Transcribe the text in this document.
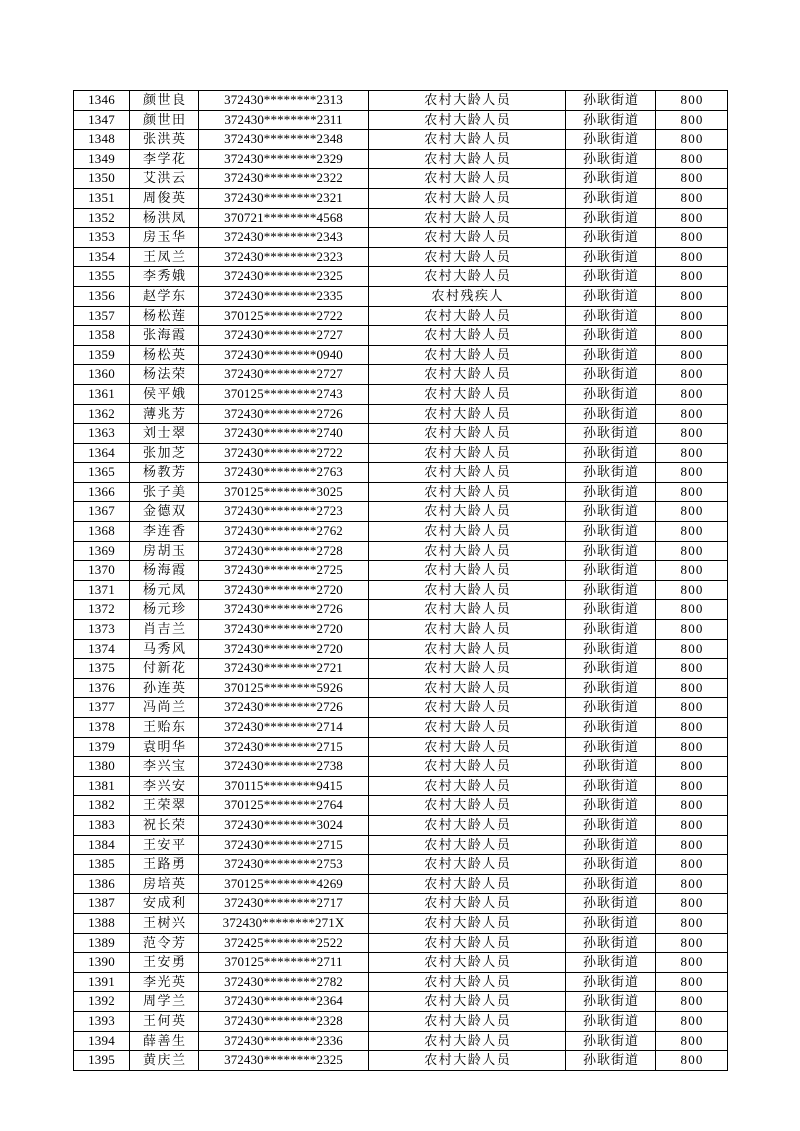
1346	颜世良	372430********2313	农村大龄人员	孙耿街道	800
1347	颜世田	372430********2311	农村大龄人员	孙耿街道	800
1348	张洪英	372430********2348	农村大龄人员	孙耿街道	800
1349	李学花	372430********2329	农村大龄人员	孙耿街道	800
1350	艾洪云	372430********2322	农村大龄人员	孙耿街道	800
1351	周俊英	372430********2321	农村大龄人员	孙耿街道	800
1352	杨洪凤	370721********4568	农村大龄人员	孙耿街道	800
1353	房玉华	372430********2343	农村大龄人员	孙耿街道	800
1354	王凤兰	372430********2323	农村大龄人员	孙耿街道	800
1355	李秀娥	372430********2325	农村大龄人员	孙耿街道	800
1356	赵学东	372430********2335	农村残疾人	孙耿街道	800
1357	杨松莲	370125********2722	农村大龄人员	孙耿街道	800
1358	张海霞	372430********2727	农村大龄人员	孙耿街道	800
1359	杨松英	372430********0940	农村大龄人员	孙耿街道	800
1360	杨法荣	372430********2727	农村大龄人员	孙耿街道	800
1361	侯平娥	370125********2743	农村大龄人员	孙耿街道	800
1362	薄兆芳	372430********2726	农村大龄人员	孙耿街道	800
1363	刘士翠	372430********2740	农村大龄人员	孙耿街道	800
1364	张加芝	372430********2722	农村大龄人员	孙耿街道	800
1365	杨教芳	372430********2763	农村大龄人员	孙耿街道	800
1366	张子美	370125********3025	农村大龄人员	孙耿街道	800
1367	金德双	372430********2723	农村大龄人员	孙耿街道	800
1368	李连香	372430********2762	农村大龄人员	孙耿街道	800
1369	房胡玉	372430********2728	农村大龄人员	孙耿街道	800
1370	杨海霞	372430********2725	农村大龄人员	孙耿街道	800
1371	杨元凤	372430********2720	农村大龄人员	孙耿街道	800
1372	杨元珍	372430********2726	农村大龄人员	孙耿街道	800
1373	肖吉兰	372430********2720	农村大龄人员	孙耿街道	800
1374	马秀风	372430********2720	农村大龄人员	孙耿街道	800
1375	付新花	372430********2721	农村大龄人员	孙耿街道	800
1376	孙连英	370125********5926	农村大龄人员	孙耿街道	800
1377	冯尚兰	372430********2726	农村大龄人员	孙耿街道	800
1378	王贻东	372430********2714	农村大龄人员	孙耿街道	800
1379	袁明华	372430********2715	农村大龄人员	孙耿街道	800
1380	李兴宝	372430********2738	农村大龄人员	孙耿街道	800
1381	李兴安	370115********9415	农村大龄人员	孙耿街道	800
1382	王荣翠	370125********2764	农村大龄人员	孙耿街道	800
1383	祝长荣	372430********3024	农村大龄人员	孙耿街道	800
1384	王安平	372430********2715	农村大龄人员	孙耿街道	800
1385	王路勇	372430********2753	农村大龄人员	孙耿街道	800
1386	房培英	370125********4269	农村大龄人员	孙耿街道	800
1387	安成利	372430********2717	农村大龄人员	孙耿街道	800
1388	王树兴	372430********271X	农村大龄人员	孙耿街道	800
1389	范令芳	372425********2522	农村大龄人员	孙耿街道	800
1390	王安勇	370125********2711	农村大龄人员	孙耿街道	800
1391	李光英	372430********2782	农村大龄人员	孙耿街道	800
1392	周学兰	372430********2364	农村大龄人员	孙耿街道	800
1393	王何英	372430********2328	农村大龄人员	孙耿街道	800
1394	薛善生	372430********2336	农村大龄人员	孙耿街道	800
1395	黄庆兰	372430********2325	农村大龄人员	孙耿街道	800
